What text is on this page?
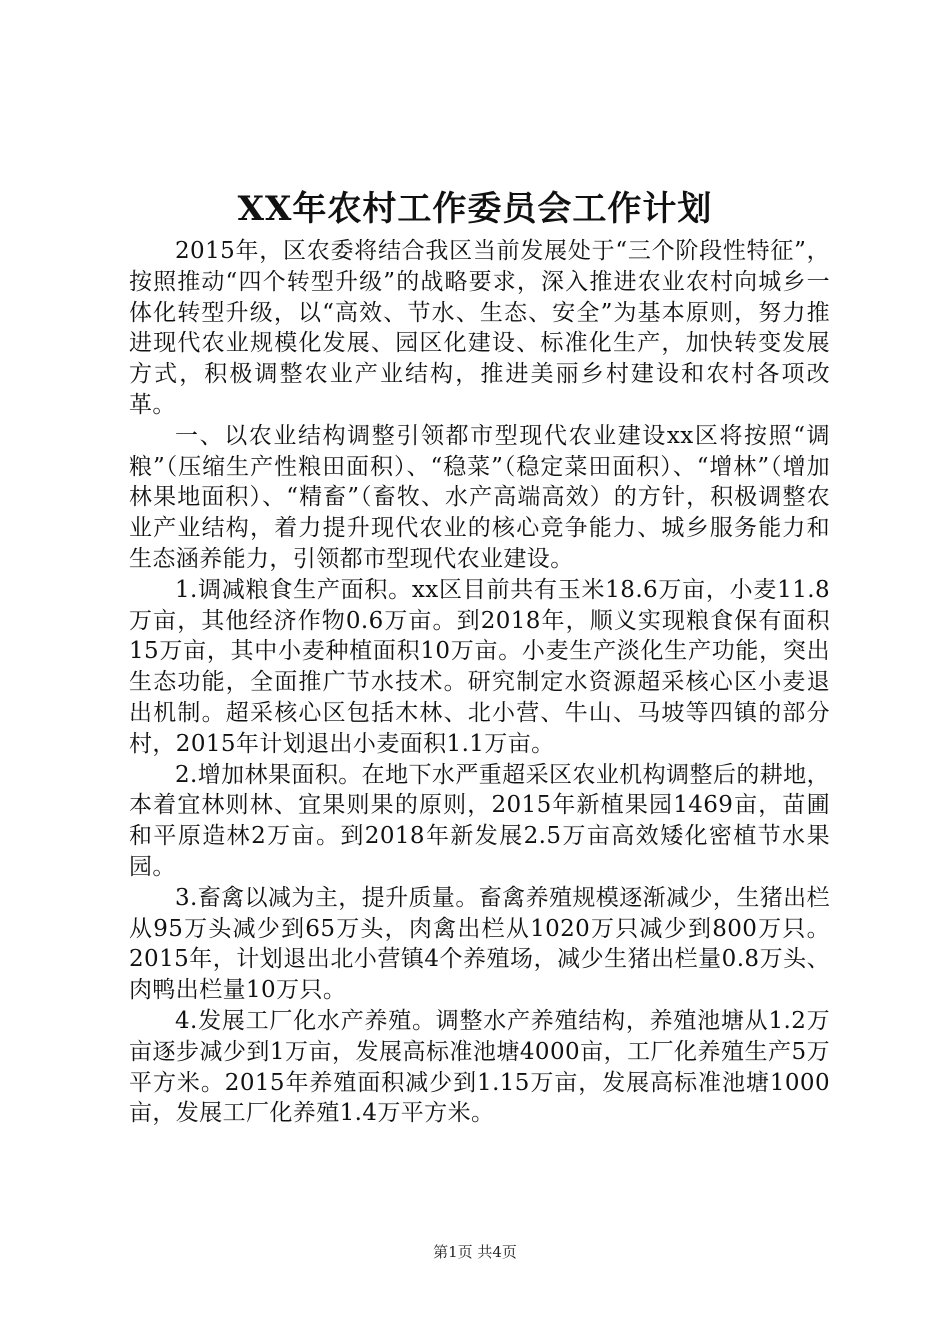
XX年农村工作委员会工作计划

2015年，区农委将结合我区当前发展处于“三个阶段性特征”，按照推动“四个转型升级”的战略要求，深入推进农业农村向城乡一体化转型升级，以“高效、节水、生态、安全”为基本原则，努力推进现代农业规模化发展、园区化建设、标准化生产，加快转变发展方式，积极调整农业产业结构，推进美丽乡村建设和农村各项改革。

一、以农业结构调整引领都市型现代农业建设xx区将按照“调粮”（压缩生产性粮田面积）、“稳菜”（稳定菜田面积）、“增林”（增加林果地面积）、“精畜”（畜牧、水产高端高效）的方针，积极调整农业产业结构，着力提升现代农业的核心竞争能力、城乡服务能力和生态涵养能力，引领都市型现代农业建设。

1.调减粮食生产面积。xx区目前共有玉米18.6万亩，小麦11.8万亩，其他经济作物0.6万亩。到2018年，顺义实现粮食保有面积15万亩，其中小麦种植面积10万亩。小麦生产淡化生产功能，突出生态功能，全面推广节水技术。研究制定水资源超采核心区小麦退出机制。超采核心区包括木林、北小营、牛山、马坡等四镇的部分村，2015年计划退出小麦面积1.1万亩。

2.增加林果面积。在地下水严重超采区农业机构调整后的耕地，本着宜林则林、宜果则果的原则，2015年新植果园1469亩，苗圃和平原造林2万亩。到2018年新发展2.5万亩高效矮化密植节水果园。

3.畜禽以减为主，提升质量。畜禽养殖规模逐渐减少，生猪出栏从95万头减少到65万头，肉禽出栏从1020万只减少到800万只。2015年，计划退出北小营镇4个养殖场，减少生猪出栏量0.8万头、肉鸭出栏量10万只。

4.发展工厂化水产养殖。调整水产养殖结构，养殖池塘从1.2万亩逐步减少到1万亩，发展高标准池塘4000亩，工厂化养殖生产5万平方米。2015年养殖面积减少到1.15万亩，发展高标准池塘1000亩，发展工厂化养殖1.4万平方米。

第1页 共4页
